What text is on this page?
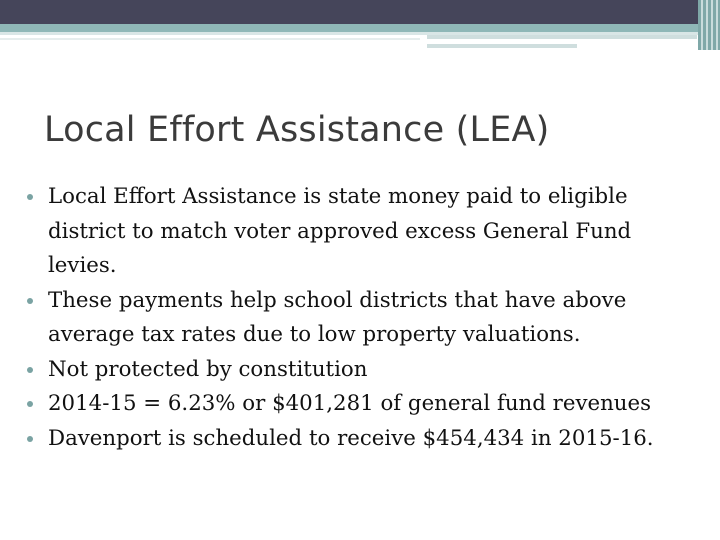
Local Effort Assistance (LEA)
Local Effort Assistance is state money paid to eligible district to match voter approved excess General Fund levies.
These payments help school districts that have above average tax rates due to low property valuations.
Not protected by constitution
2014-15 = 6.23% or $401,281 of general fund revenues
Davenport is scheduled to receive $454,434 in 2015-16.
